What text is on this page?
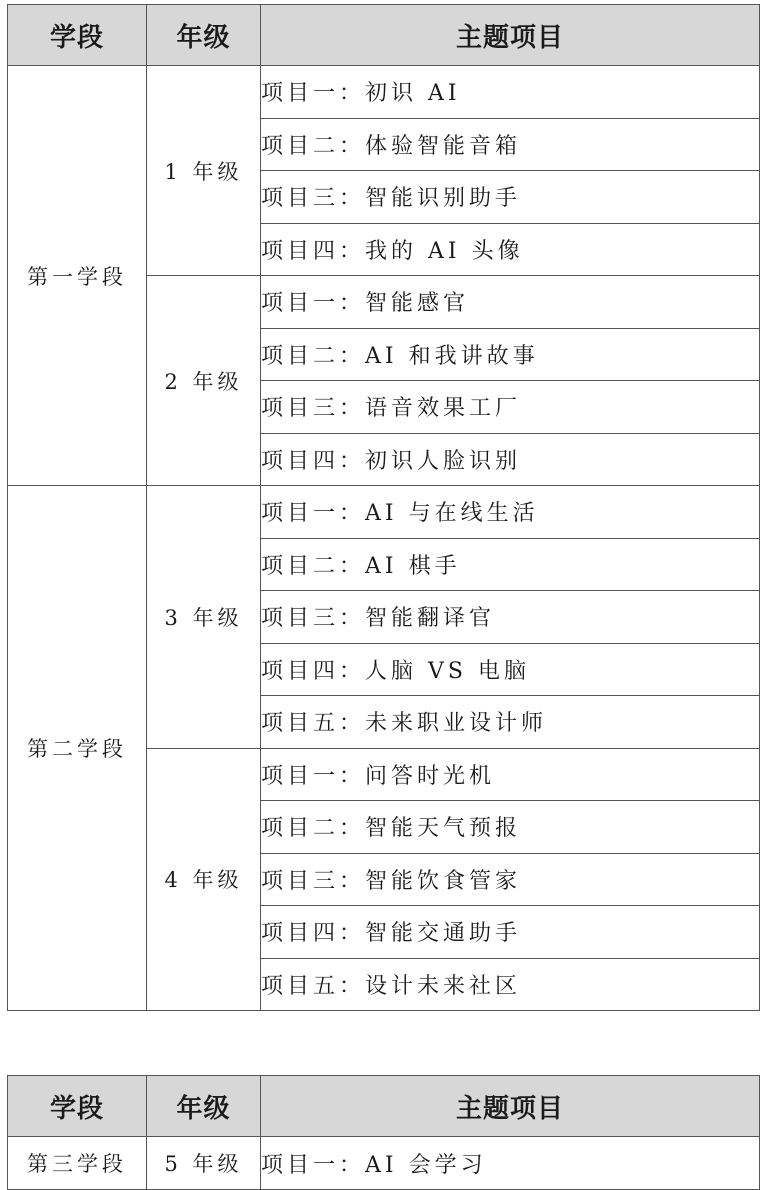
学段	年级	主题项目
第一学段	1 年级	项目一：初识 AI
		项目二：体验智能音箱
		项目三：智能识别助手
		项目四：我的 AI 头像
	2 年级	项目一：智能感官
		项目二：AI 和我讲故事
		项目三：语音效果工厂
		项目四：初识人脸识别
第二学段	3 年级	项目一：AI 与在线生活
		项目二：AI 棋手
		项目三：智能翻译官
		项目四：人脑 VS 电脑
		项目五：未来职业设计师
	4 年级	项目一：问答时光机
		项目二：智能天气预报
		项目三：智能饮食管家
		项目四：智能交通助手
		项目五：设计未来社区
学段	年级	主题项目
第三学段	5 年级	项目一：AI 会学习
